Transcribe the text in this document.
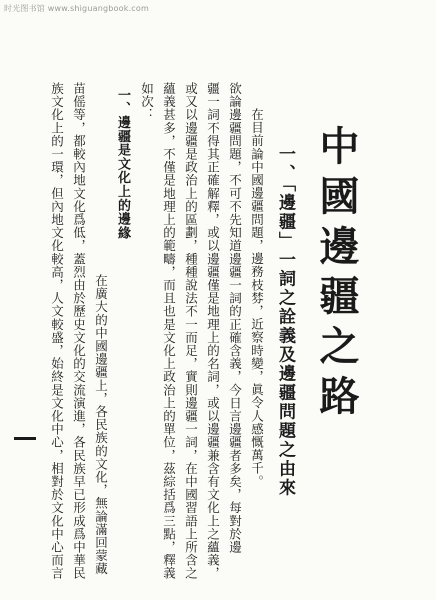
时光图书馆 www.shiguangbook.com
中國邊疆之路
一、「邊疆」一詞之詮義及邊疆問題之由來
在目前論中國邊疆問題，邊務枝棼，近察時變，眞令人感慨萬千。
欲論邊疆問題，不可不先知道邊疆一詞的正確含義，今日言邊疆者多矣，每對於邊
疆一詞不得其正確解釋，或以邊疆僅是地理上的名詞，或以邊疆兼含有文化上之蘊義，
或又以邊疆是政治上的區劃，種種說法不一而足，實則邊疆一詞，在中國習語上所含之
蘊義甚多，不僅是地理上的範疇，而且也是文化上政治上的單位，茲綜括爲三點，釋義
如次：
一、邊疆是文化上的邊緣
在廣大的中國邊疆上，各民族的文化，無論滿回蒙藏
苗傜等，都較內地文化爲低，蓋烈由於歷史文化的交流演進，各民族早已形成爲中華民
族文化上的一環，但內地文化較高，人文較盛，始終是文化中心，相對於文化中心而言
